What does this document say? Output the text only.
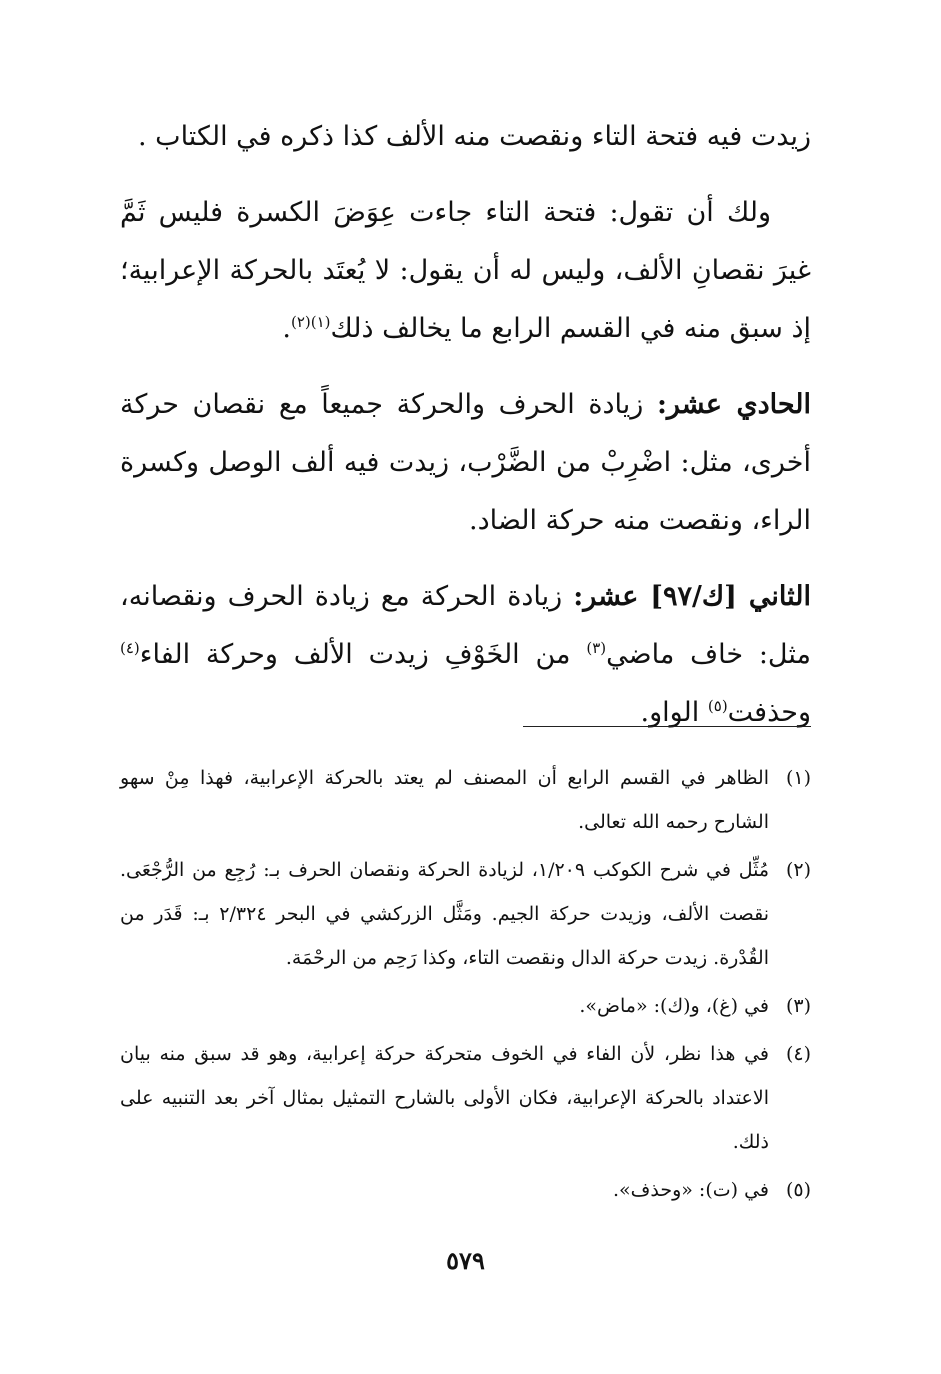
زيدت فيه فتحة التاء ونقصت منه الألف كذا ذكره في الكتاب .

ولك أن تقول: فتحة التاء جاءت عِوَضَ الكسرة فليس ثَمَّ غيرَ نقصانِ الألف، وليس له أن يقول: لا يُعتَد بالحركة الإعرابية؛ إذ سبق منه في القسم الرابع ما يخالف ذلك$^{(١)(٢)}$.

الحادي عشر: زيادة الحرف والحركة جميعاً مع نقصان حركة أخرى، مثل: اضْرِبْ من الضَّرْب، زيدت فيه ألف الوصل وكسرة الراء، ونقصت منه حركة الضاد.

الثاني [ك/٩٧] عشر: زيادة الحركة مع زيادة الحرف ونقصانه، مثل: خاف ماضي$^{(٣)}$ من الخَوْفِ زيدت الألف وحركة الفاء$^{(٤)}$ وحذفت$^{(٥)}$ الواو.

(١)
الظاهر في القسم الرابع أن المصنف لم يعتد بالحركة الإعرابية، فهذا مِنْ سهو الشارح رحمه الله تعالى.

(٢)
مُثِّل في شرح الكوكب ١/٢٠٩، لزيادة الحركة ونقصان الحرف بـ: رُجِع من الرُّجْعَى. نقصت الألف، وزيدت حركة الجيم. ومَثَّل الزركشي في البحر ٢/٣٢٤ بـ: قَدَر من القُدْرة. زيدت حركة الدال ونقصت التاء، وكذا رَحِم من الرحْمَة.

(٣)
في (غ)، و(ك): «ماض».

(٤)
في هذا نظر، لأن الفاء في الخوف متحركة حركة إعرابية، وهو قد سبق منه بيان الاعتداد بالحركة الإعرابية، فكان الأولى بالشارح التمثيل بمثال آخر بعد التنبيه على ذلك.

(٥)
في (ت): «وحذف».

٥٧٩
